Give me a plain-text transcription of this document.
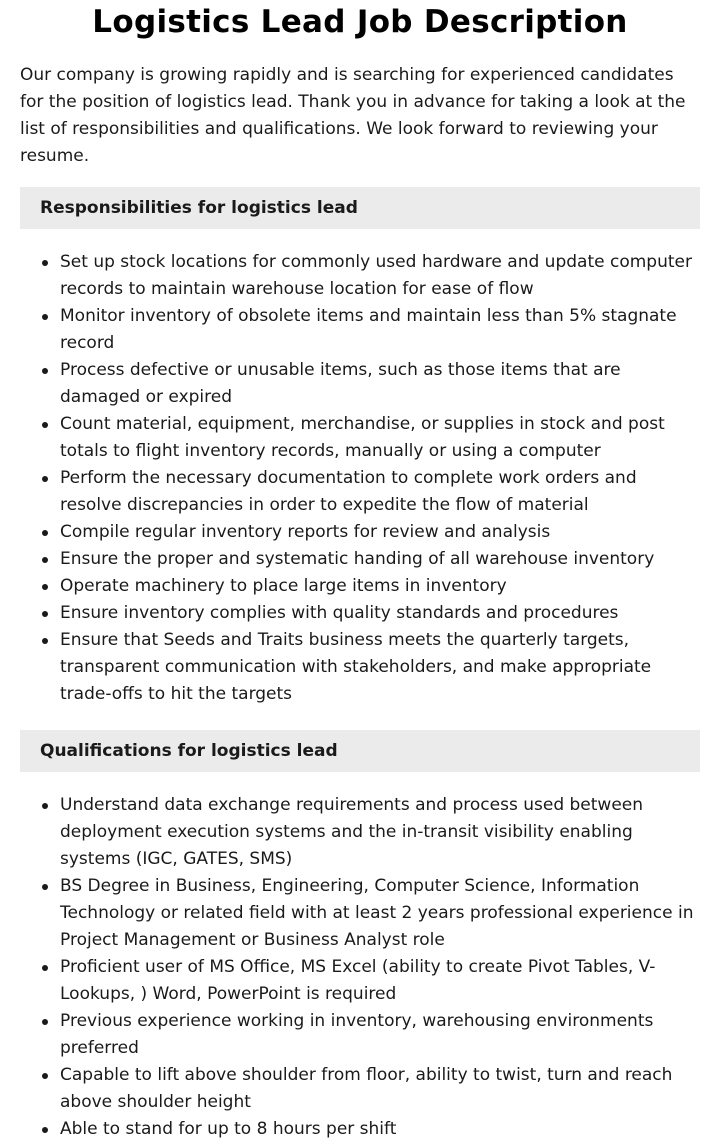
Logistics Lead Job Description

Our company is growing rapidly and is searching for experienced candidates for the position of logistics lead. Thank you in advance for taking a look at the list of responsibilities and qualifications. We look forward to reviewing your resume.

Responsibilities for logistics lead
Set up stock locations for commonly used hardware and update computer records to maintain warehouse location for ease of flow
Monitor inventory of obsolete items and maintain less than 5% stagnate record
Process defective or unusable items, such as those items that are damaged or expired
Count material, equipment, merchandise, or supplies in stock and post totals to flight inventory records, manually or using a computer
Perform the necessary documentation to complete work orders and resolve discrepancies in order to expedite the flow of material
Compile regular inventory reports for review and analysis
Ensure the proper and systematic handing of all warehouse inventory
Operate machinery to place large items in inventory
Ensure inventory complies with quality standards and procedures
Ensure that Seeds and Traits business meets the quarterly targets, transparent communication with stakeholders, and make appropriate trade-offs to hit the targets
Qualifications for logistics lead
Understand data exchange requirements and process used between deployment execution systems and the in-transit visibility enabling systems (IGC, GATES, SMS)
BS Degree in Business, Engineering, Computer Science, Information Technology or related field with at least 2 years professional experience in Project Management or Business Analyst role
Proficient user of MS Office, MS Excel (ability to create Pivot Tables, V-Lookups, ) Word, PowerPoint is required
Previous experience working in inventory, warehousing environments preferred
Capable to lift above shoulder from floor, ability to twist, turn and reach above shoulder height
Able to stand for up to 8 hours per shift
